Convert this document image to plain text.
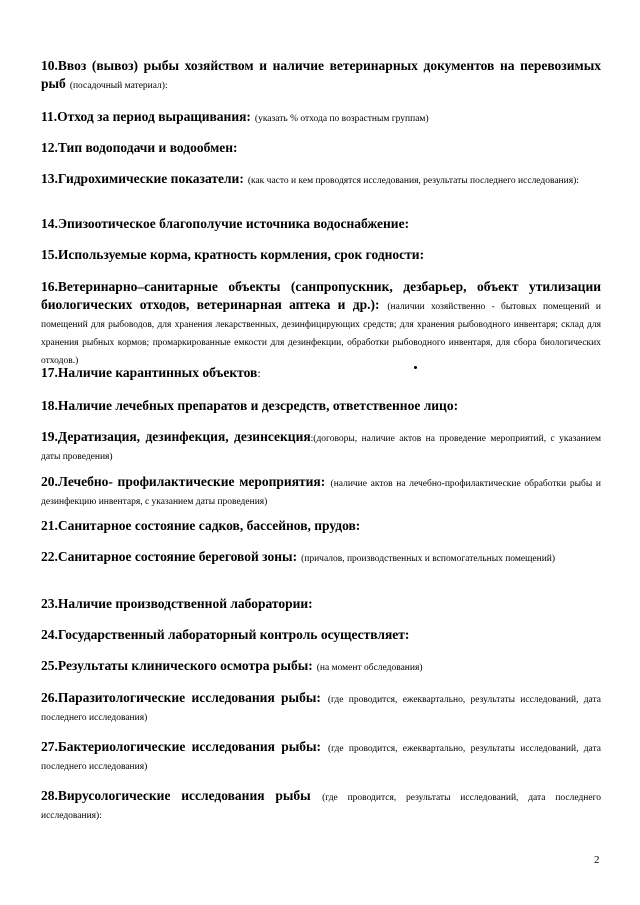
10.Ввоз (вывоз) рыбы хозяйством и наличие ветеринарных документов на перевозимых рыб (посадочный материал):
11.Отход за период выращивания: (указать % отхода по возрастным группам)
12.Тип водоподачи и водообмен:
13.Гидрохимические показатели: (как часто и кем проводятся исследования, результаты последнего исследования):
14.Эпизоотическое благополучие источника водоснабжение:
15.Используемые корма, кратность кормления, срок годности:
16.Ветеринарно–санитарные объекты (санпропускник, дезбарьер, объект утилизации биологических отходов, ветеринарная аптека и др.): (наличии хозяйственно - бытовых помещений и помещений для рыбоводов, для хранения лекарственных, дезинфицирующих средств; для хранения рыбоводного инвентаря; склад для хранения рыбных кормов; промаркированные емкости для дезинфекции, обработки рыбоводного инвентаря, для сбора биологических отходов.)
17.Наличие карантинных объектов:
18.Наличие лечебных препаратов и дезсредств, ответственное лицо:
19.Дератизация, дезинфекция, дезинсекция:(договоры, наличие актов на проведение мероприятий, с указанием даты проведения)
20.Лечебно- профилактические мероприятия: (наличие актов на лечебно-профилактические обработки рыбы и дезинфекцию инвентаря, с указанием даты проведения)
21.Санитарное состояние садков, бассейнов, прудов:
22.Санитарное состояние береговой зоны: (причалов, производственных и вспомогательных помещений)
23.Наличие производственной лаборатории:
24.Государственный лабораторный контроль осуществляет:
25.Результаты клинического осмотра рыбы: (на момент обследования)
26.Паразитологические исследования рыбы: (где проводится, ежеквартально, результаты исследований, дата последнего исследования)
27.Бактериологические исследования рыбы: (где проводится, ежеквартально, результаты исследований, дата последнего исследования)
28.Вирусологические исследования рыбы (где проводится, результаты исследований, дата последнего исследования):
2
